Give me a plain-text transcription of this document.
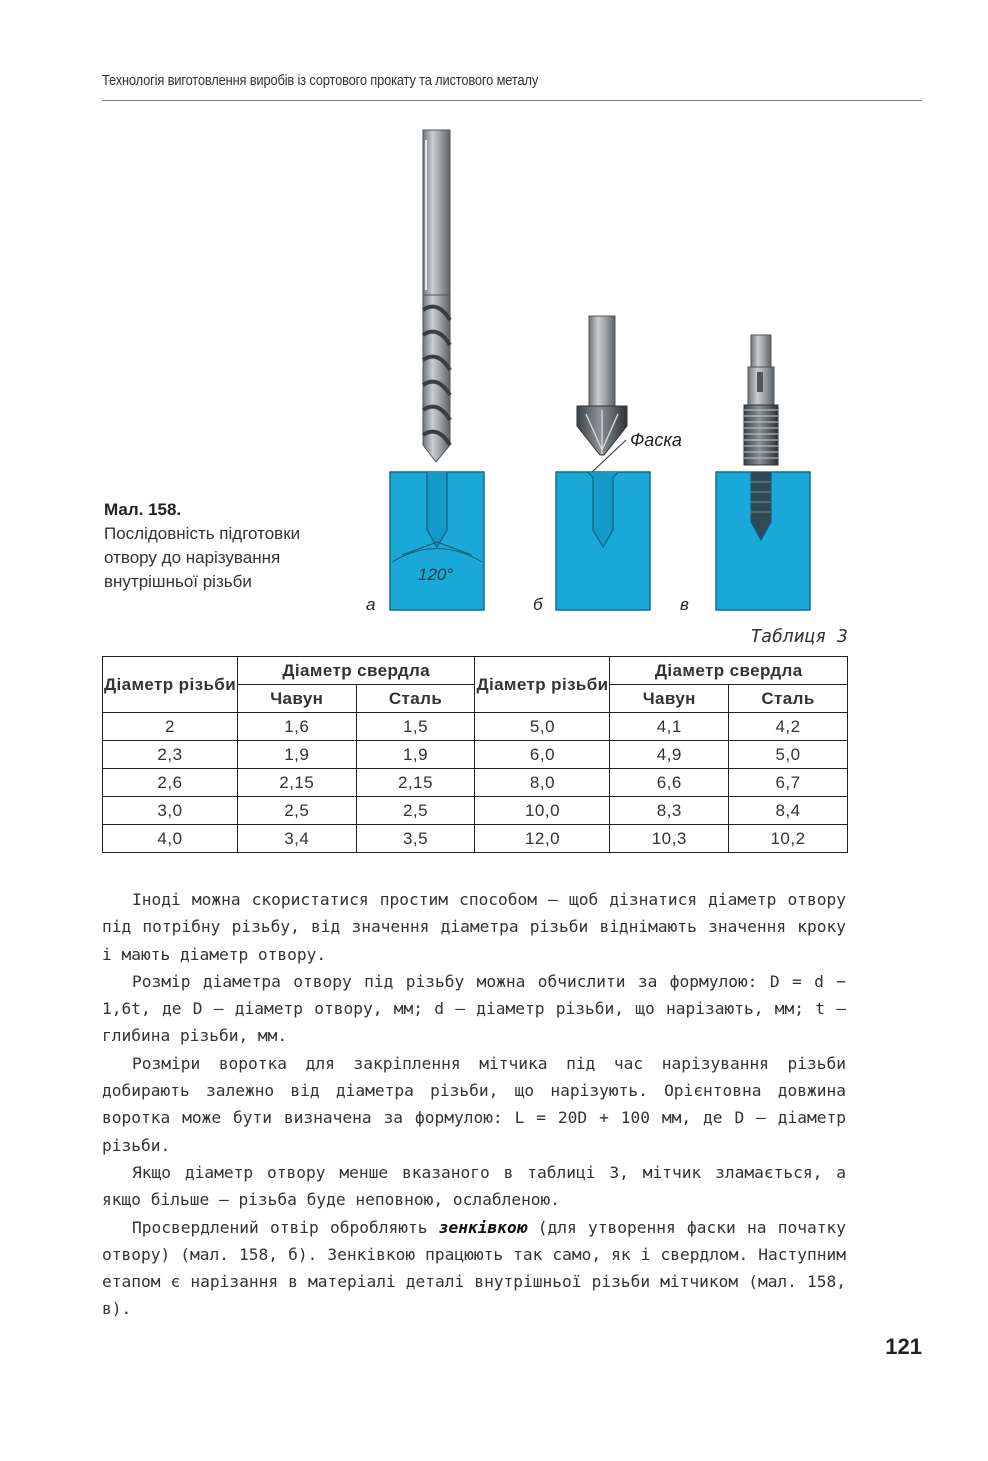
Технологія виготовлення виробів із сортового прокату та листового металу
120°
а
Фаска
б	в
Мал. 158.
Послідовність підготовки отвору до нарізування внутрішньої різьби
Таблиця 3
Діаметр різьби	Діаметр свердла		Діаметр різьби	Діаметр свердла	
	Чавун	Сталь		Чавун	Сталь
2	1,6	1,5	5,0	4,1	4,2
2,3	1,9	1,9	6,0	4,9	5,0
2,6	2,15	2,15	8,0	6,6	6,7
3,0	2,5	2,5	10,0	8,3	8,4
4,0	3,4	3,5	12,0	10,3	10,2

Іноді можна скористатися простим способом — щоб дізнатися діаметр отвору під потрібну різьбу, від значення діаметра різьби віднімають значення кроку і мають діаметр отвору.

Розмір діаметра отвору під різьбу можна обчислити за формулою: D = d − 1,6t, де D — діаметр отвору, мм; d — діаметр різьби, що нарізають, мм; t — глибина різьби, мм.

Розміри воротка для закріплення мітчика під час нарізування різьби добирають залежно від діаметра різьби, що нарізують. Орієнтовна довжина воротка може бути визначена за формулою: L = 20D + 100 мм, де D — діаметр різьби.

Якщо діаметр отвору менше вказаного в таблиці 3, мітчик зламається, а якщо більше — різьба буде неповною, ослабленою.

Просвердлений отвір обробляють зенківкою (для утворення фаски на початку отвору) (мал. 158, б). Зенківкою працюють так само, як і свердлом. Наступним етапом є нарізання в матеріалі деталі внутрішньої різьби мітчиком (мал. 158, в).

121
